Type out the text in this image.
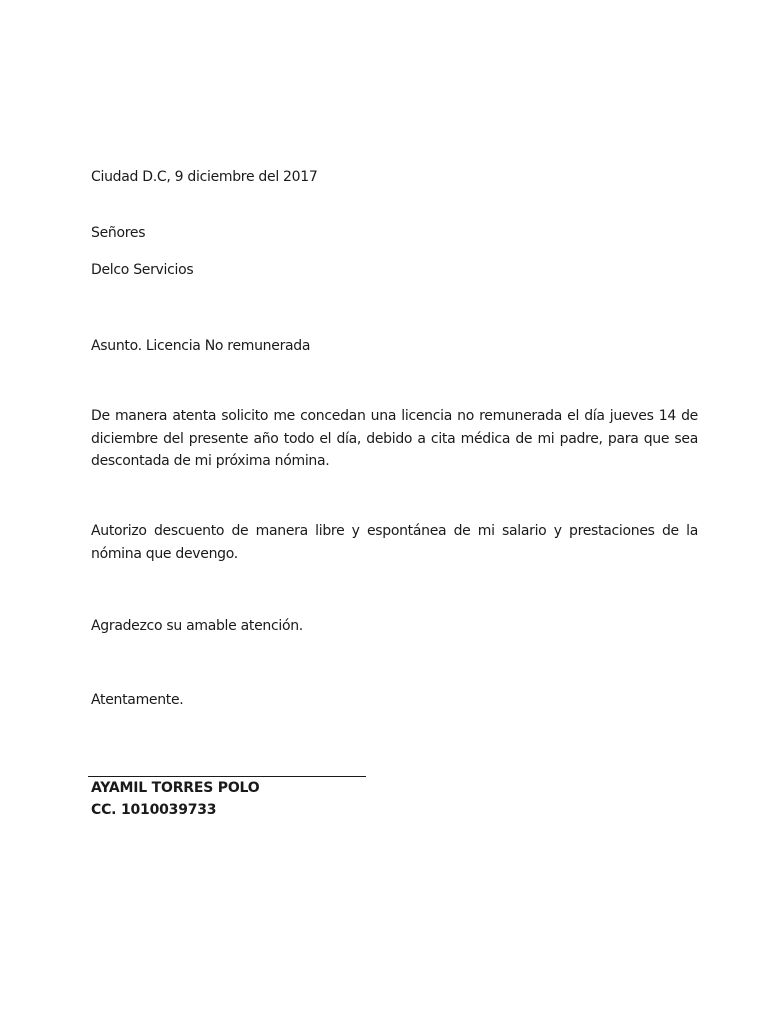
Ciudad D.C, 9 diciembre del 2017
Señores
Delco Servicios
Asunto. Licencia No remunerada
De manera atenta solicito me concedan una licencia no remunerada el día jueves 14 de diciembre del presente año todo el día, debido a cita médica de mi padre, para que sea descontada de mi próxima nómina.
Autorizo descuento de manera libre y espontánea de mi salario y prestaciones de la nómina que devengo.
Agradezco su amable atención.
Atentamente.
AYAMIL TORRES POLO
CC. 1010039733
